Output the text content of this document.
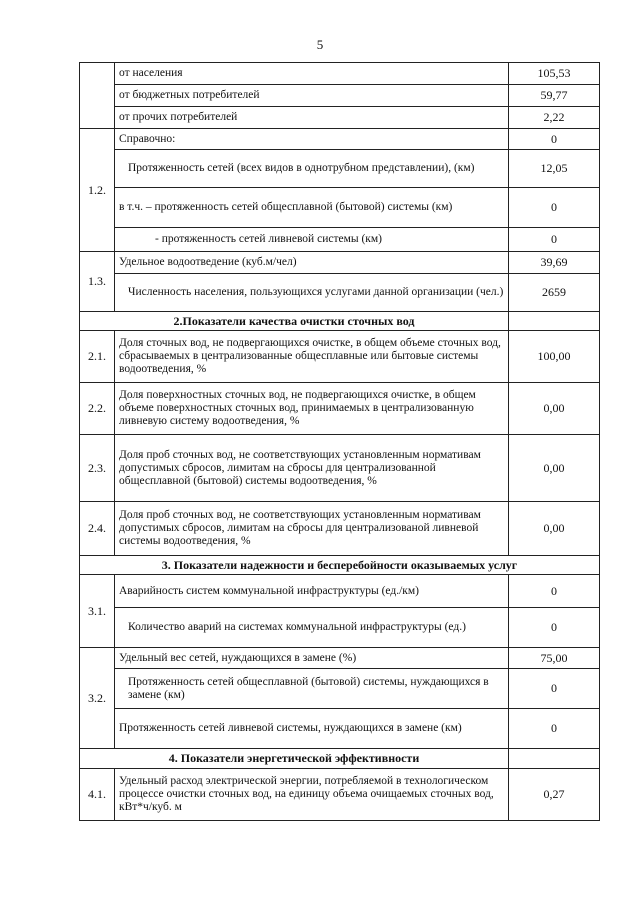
5
	от населения	105,53
	от бюджетных потребителей	59,77
	от прочих потребителей	2,22
1.2.	Справочно:	0
	Протяженность сетей (всех видов в однотрубном представлении), (км)	12,05
	в т.ч. – протяженность сетей общесплавной (бытовой) системы (км)	0
	- протяженность сетей ливневой системы (км)	0
1.3.	Удельное водоотведение (куб.м/чел)	39,69
	Численность населения, пользующихся услугами данной организации (чел.)	2659
2.Показатели качества очистки сточных вод		
2.1.	Доля сточных вод, не подвергающихся очистке, в общем объеме сточных вод, сбрасываемых в централизованные общесплавные или бытовые системы водоотведения, %	100,00
2.2.	Доля поверхностных сточных вод, не подвергающихся очистке, в общем объеме поверхностных сточных вод, принимаемых в централизованную ливневую систему водоотведения, %	0,00
2.3.	Доля проб сточных вод, не соответствующих установленным нормативам допустимых сбросов, лимитам на сбросы для централизованной общесплавной (бытовой) системы водоотведения, %	0,00
2.4.	Доля проб сточных вод, не соответствующих установленным нормативам допустимых сбросов, лимитам на сбросы для централизованой ливневой системы водоотведения, %	0,00
3. Показатели надежности и бесперебойности оказываемых услуг		
3.1.	Аварийность систем коммунальной инфраструктуры (ед./км)	0
	Количество аварий на системах коммунальной инфраструктуры (ед.)	0
3.2.	Удельный вес сетей, нуждающихся в замене (%)	75,00
	Протяженность сетей общесплавной (бытовой) системы, нуждающихся в замене (км)	0
	Протяженность сетей ливневой системы, нуждающихся в замене (км)	0
4. Показатели энергетической эффективности		
4.1.	Удельный расход электрической энергии, потребляемой в технологическом процессе очистки сточных вод, на единицу объема очищаемых сточных вод, кВт*ч/куб. м	0,27
